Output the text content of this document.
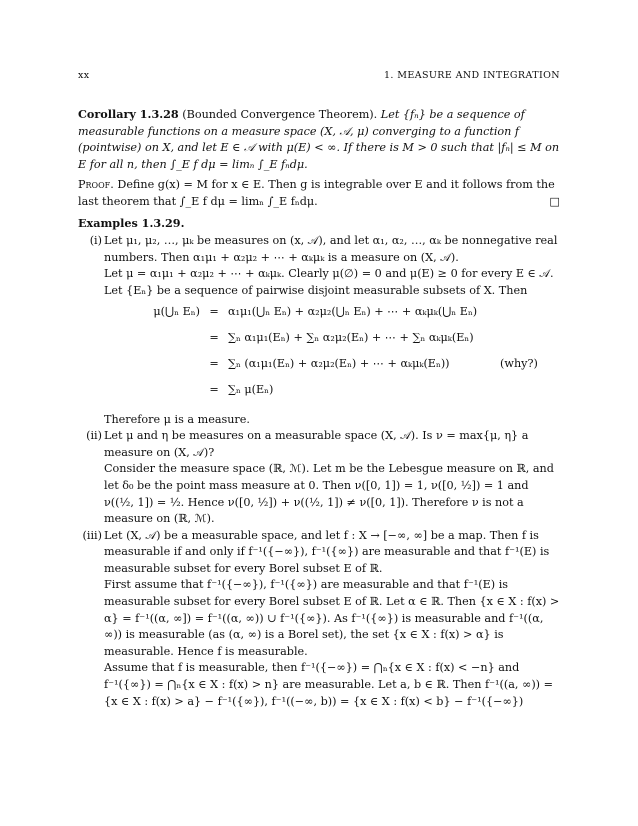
xx	1. MEASURE AND INTEGRATION

Corollary 1.3.28 (Bounded Convergence Theorem). Let {fₙ} be a sequence of measurable functions on a measure space (X, 𝒜, μ) converging to a function f (pointwise) on X, and let E ∈ 𝒜 with μ(E) < ∞. If there is M > 0 such that |fₙ| ≤ M on E for all n, then ∫_E f dμ = limₙ ∫_E fₙdμ.

Proof. Define g(x) = M for x ∈ E. Then g is integrable over E and it follows from the last theorem that ∫_E f dμ = limₙ ∫_E fₙdμ.	□

Examples 1.3.29.

(i) Let μ₁, μ₂, …, μₖ be measures on (x, 𝒜), and let α₁, α₂, …, αₖ be nonnegative real numbers. Then α₁μ₁ + α₂μ₂ + ⋯ + αₖμₖ is a measure on (X, 𝒜).

Let μ = α₁μ₁ + α₂μ₂ + ⋯ + αₖμₖ. Clearly μ(∅) = 0 and μ(E) ≥ 0 for every E ∈ 𝒜.

Let {Eₙ} be a sequence of pairwise disjoint measurable subsets of X. Then

μ(⋃ₙ Eₙ) = α₁μ₁(⋃ₙ Eₙ) + α₂μ₂(⋃ₙ Eₙ) + ⋯ + αₖμₖ(⋃ₙ Eₙ)
= ∑ₙ α₁μ₁(Eₙ) + ∑ₙ α₂μ₂(Eₙ) + ⋯ + ∑ₙ αₖμₖ(Eₙ)
= ∑ₙ (α₁μ₁(Eₙ) + α₂μ₂(Eₙ) + ⋯ + αₖμₖ(Eₙ))	(why?)
= ∑ₙ μ(Eₙ)

Therefore μ is a measure.

(ii) Let μ and η be measures on a measurable space (X, 𝒜). Is ν = max{μ, η} a measure on (X, 𝒜)?

Consider the measure space (ℝ, ℳ). Let m be the Lebesgue measure on ℝ, and let δ₀ be the point mass measure at 0. Then ν([0, 1]) = 1, ν([0, ½]) = 1 and ν((½, 1]) = ½. Hence ν([0, ½]) + ν((½, 1]) ≠ ν([0, 1]). Therefore ν is not a measure on (ℝ, ℳ).

(iii) Let (X, 𝒜) be a measurable space, and let f : X → [−∞, ∞] be a map. Then f is measurable if and only if f⁻¹({−∞}), f⁻¹({∞}) are measurable and that f⁻¹(E) is measurable subset for every Borel subset E of ℝ.

First assume that f⁻¹({−∞}), f⁻¹({∞}) are measurable and that f⁻¹(E) is measurable subset for every Borel subset E of ℝ. Let α ∈ ℝ. Then {x ∈ X : f(x) > α} = f⁻¹((α, ∞]) = f⁻¹((α, ∞)) ∪ f⁻¹({∞}). As f⁻¹({∞}) is measurable and f⁻¹((α, ∞)) is measurable (as (α, ∞) is a Borel set), the set {x ∈ X : f(x) > α} is measurable. Hence f is measurable.

Assume that f is measurable, then f⁻¹({−∞}) = ⋂ₙ{x ∈ X : f(x) < −n} and f⁻¹({∞}) = ⋂ₙ{x ∈ X : f(x) > n} are measurable. Let a, b ∈ ℝ. Then f⁻¹((a, ∞)) = {x ∈ X : f(x) > a} − f⁻¹({∞}), f⁻¹((−∞, b)) = {x ∈ X : f(x) < b} − f⁻¹({−∞})
